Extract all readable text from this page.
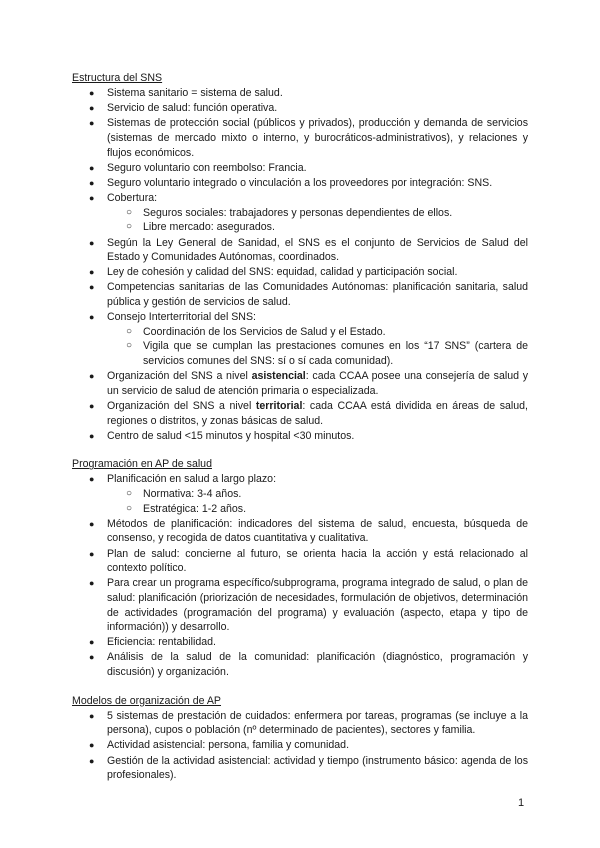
Estructura del SNS

● Sistema sanitario = sistema de salud.
● Servicio de salud: función operativa.
● Sistemas de protección social (públicos y privados), producción y demanda de servicios (sistemas de mercado mixto o interno, y burocráticos-administrativos), y relaciones y flujos económicos.
● Seguro voluntario con reembolso: Francia.
● Seguro voluntario integrado o vinculación a los proveedores por integración: SNS.
● Cobertura:
○ Seguros sociales: trabajadores y personas dependientes de ellos.
○ Libre mercado: asegurados.
● Según la Ley General de Sanidad, el SNS es el conjunto de Servicios de Salud del Estado y Comunidades Autónomas, coordinados.
● Ley de cohesión y calidad del SNS: equidad, calidad y participación social.
● Competencias sanitarias de las Comunidades Autónomas: planificación sanitaria, salud pública y gestión de servicios de salud.
● Consejo Interterritorial del SNS:
○ Coordinación de los Servicios de Salud y el Estado.
○ Vigila que se cumplan las prestaciones comunes en los “17 SNS” (cartera de servicios comunes del SNS: sí o sí cada comunidad).
● Organización del SNS a nivel asistencial: cada CCAA posee una consejería de salud y un servicio de salud de atención primaria o especializada.
● Organización del SNS a nivel territorial: cada CCAA está dividida en áreas de salud, regiones o distritos, y zonas básicas de salud.
● Centro de salud <15 minutos y hospital <30 minutos.

Programación en AP de salud

● Planificación en salud a largo plazo:
○ Normativa: 3-4 años.
○ Estratégica: 1-2 años.
● Métodos de planificación: indicadores del sistema de salud, encuesta, búsqueda de consenso, y recogida de datos cuantitativa y cualitativa.
● Plan de salud: concierne al futuro, se orienta hacia la acción y está relacionado al contexto político.
● Para crear un programa específico/subprograma, programa integrado de salud, o plan de salud: planificación (priorización de necesidades, formulación de objetivos, determinación de actividades (programación del programa) y evaluación (aspecto, etapa y tipo de información)) y desarrollo.
● Eficiencia: rentabilidad.
● Análisis de la salud de la comunidad: planificación (diagnóstico, programación y discusión) y organización.

Modelos de organización de AP

● 5 sistemas de prestación de cuidados: enfermera por tareas, programas (se incluye a la persona), cupos o población (nº determinado de pacientes), sectores y familia.
● Actividad asistencial: persona, familia y comunidad.
● Gestión de la actividad asistencial: actividad y tiempo (instrumento básico: agenda de los profesionales).
1
